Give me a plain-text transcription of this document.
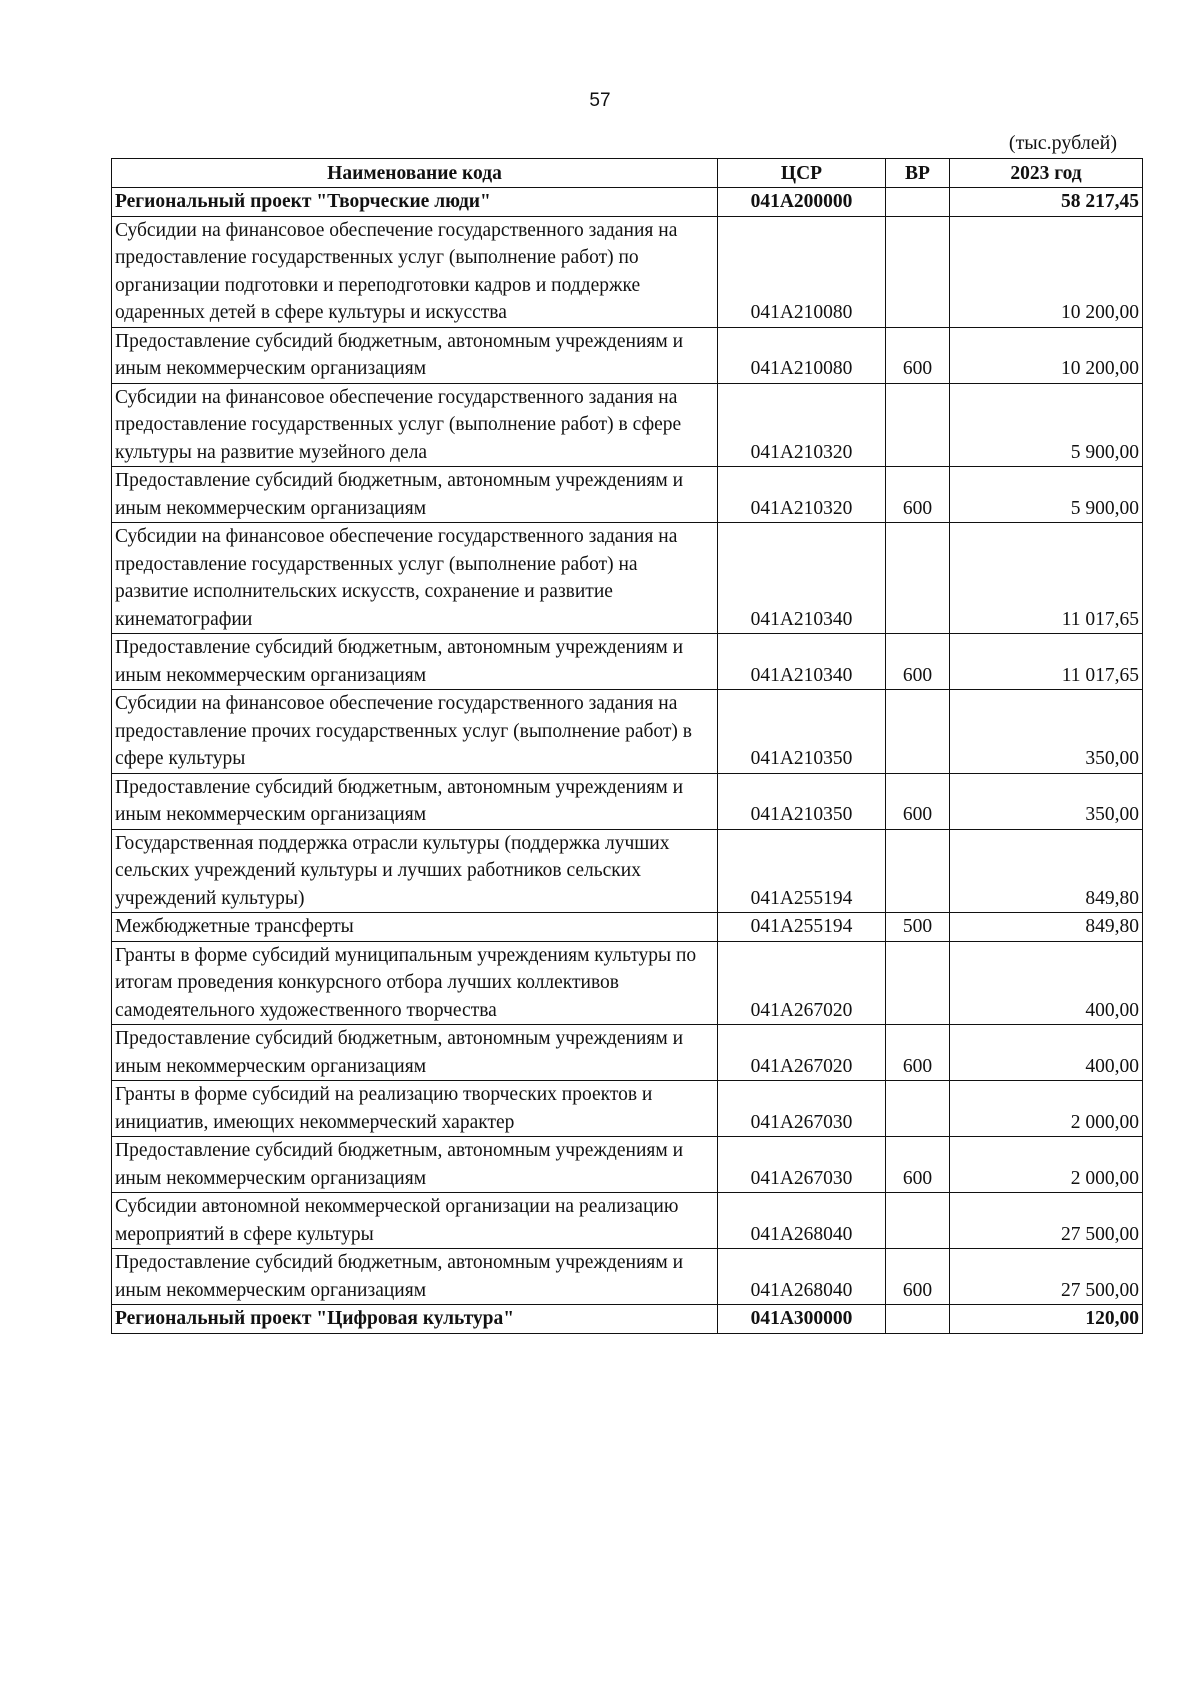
57
(тыс.рублей)
Наименование кода	ЦСР	ВР	2023 год
Региональный проект "Творческие люди"	041A200000		58 217,45
Субсидии на финансовое обеспечение государственного задания на предоставление государственных услуг (выполнение работ) по организации подготовки и переподготовки кадров и поддержке одаренных детей в сфере культуры и искусства	041A210080		10 200,00
Предоставление субсидий бюджетным, автономным учреждениям и иным некоммерческим организациям	041A210080	600	10 200,00
Субсидии на финансовое обеспечение государственного задания на предоставление государственных услуг (выполнение работ) в сфере культуры на развитие музейного дела	041A210320		5 900,00
Предоставление субсидий бюджетным, автономным учреждениям и иным некоммерческим организациям	041A210320	600	5 900,00
Субсидии на финансовое обеспечение государственного задания на предоставление государственных услуг (выполнение работ) на развитие исполнительских искусств, сохранение и развитие кинематографии	041A210340		11 017,65
Предоставление субсидий бюджетным, автономным учреждениям и иным некоммерческим организациям	041A210340	600	11 017,65
Субсидии на финансовое обеспечение государственного задания на предоставление прочих государственных услуг (выполнение работ) в сфере культуры	041A210350		350,00
Предоставление субсидий бюджетным, автономным учреждениям и иным некоммерческим организациям	041A210350	600	350,00
Государственная поддержка отрасли культуры (поддержка лучших сельских учреждений культуры и лучших работников сельских учреждений культуры)	041A255194		849,80
Межбюджетные трансферты	041A255194	500	849,80
Гранты в форме субсидий муниципальным учреждениям культуры по итогам проведения конкурсного отбора лучших коллективов самодеятельного художественного творчества	041A267020		400,00
Предоставление субсидий бюджетным, автономным учреждениям и иным некоммерческим организациям	041A267020	600	400,00
Гранты в форме субсидий на реализацию творческих проектов и инициатив, имеющих некоммерческий характер	041A267030		2 000,00
Предоставление субсидий бюджетным, автономным учреждениям и иным некоммерческим организациям	041A267030	600	2 000,00
Субсидии автономной некоммерческой организации на реализацию мероприятий в сфере культуры	041A268040		27 500,00
Предоставление субсидий бюджетным, автономным учреждениям и иным некоммерческим организациям	041A268040	600	27 500,00
Региональный проект "Цифровая культура"	041A300000		120,00
